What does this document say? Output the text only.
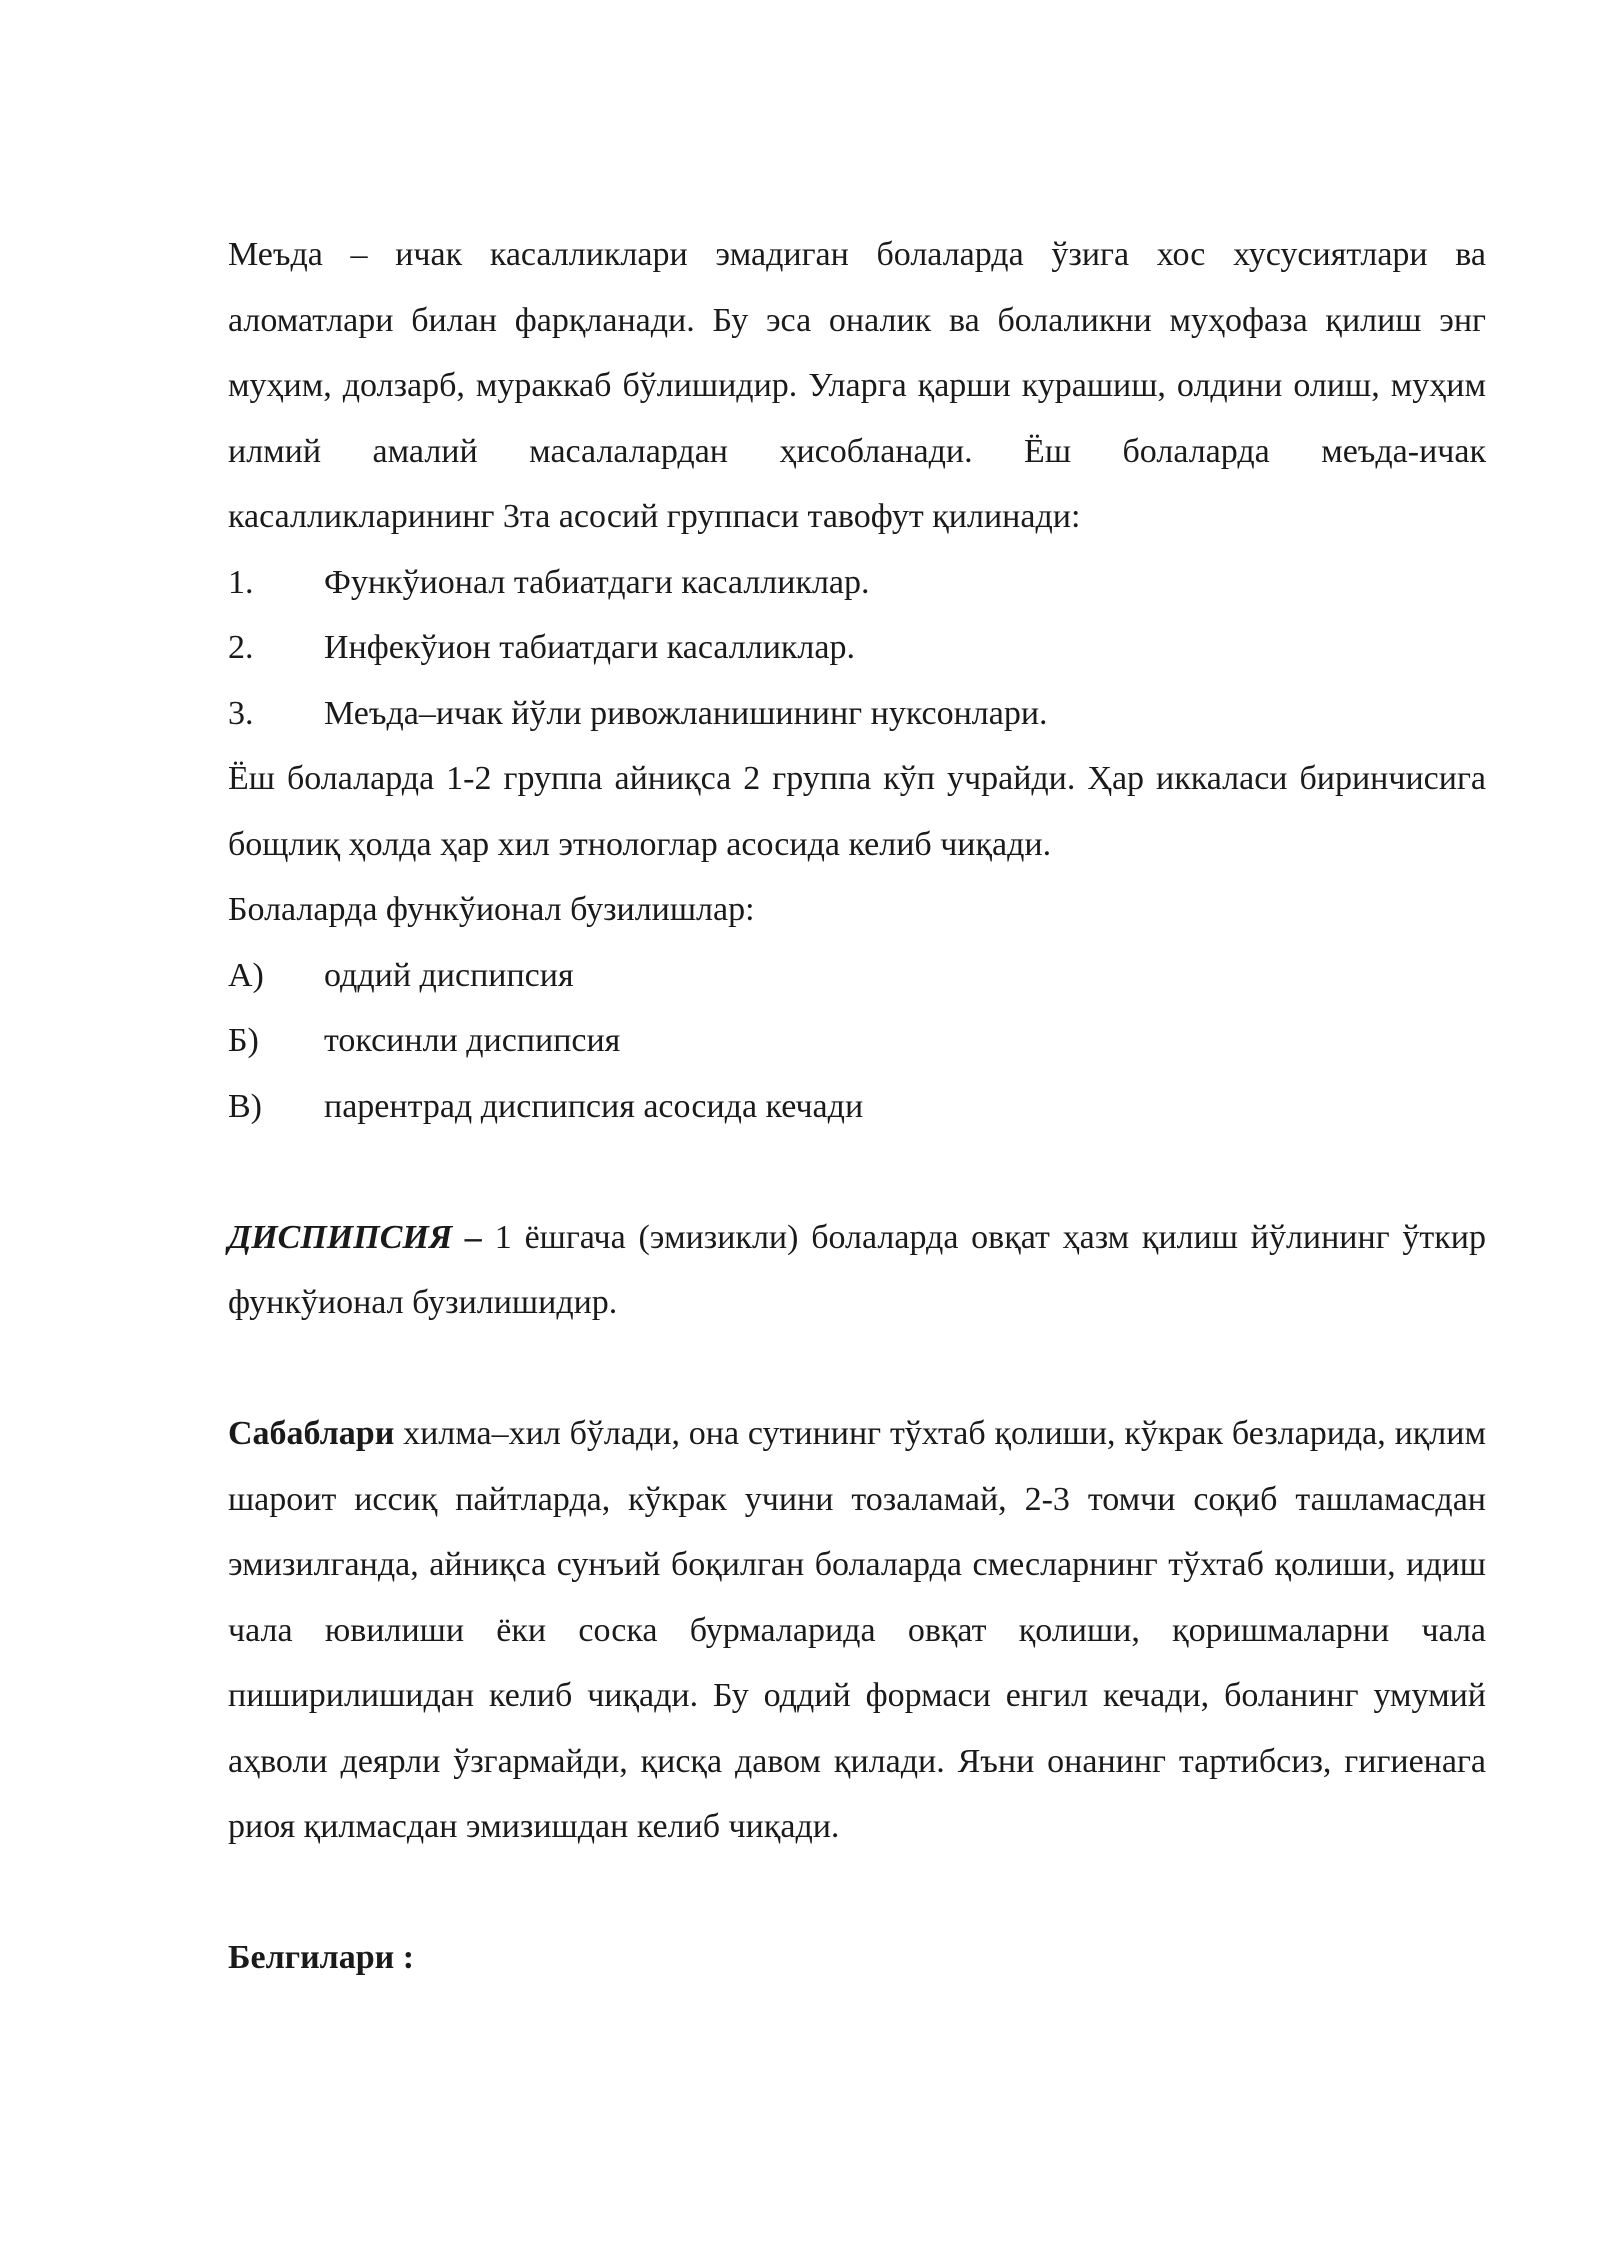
Меъда – ичак касалликлари эмадиган болаларда ўзига хос хусусиятлари ва аломатлари билан фарқланади. Бу эса оналик ва болаликни муҳофаза қилиш энг муҳим, долзарб, мураккаб бўлишидир. Уларга қарши курашиш, олдини олиш, муҳим илмий амалий масалалардан ҳисобланади. Ёш болаларда меъда-ичак касалликларининг 3та асосий группаси тавофут қилинади:

1.	Функўионал табиатдаги касалликлар.
2.	Инфекўион табиатдаги касалликлар.
3.	Меъда–ичак йўли ривожланишининг нуксонлари.

Ёш болаларда 1-2 группа айниқса 2 группа кўп учрайди. Ҳар иккаласи биринчисига бощлиқ ҳолда ҳар хил этнологлар асосида келиб чиқади.

Болаларда функўионал бузилишлар:

А)	оддий диспипсия
Б)	токсинли диспипсия
В)	парентрад диспипсия асосида кечади

ДИСПИПСИЯ – 1 ёшгача (эмизикли) болаларда овқат ҳазм қилиш йўлининг ўткир функўионал бузилишидир.

Сабаблари хилма–хил бўлади, она сутининг тўхтаб қолиши, кўкрак безларида, иқлим шароит иссиқ пайтларда, кўкрак учини тозаламай, 2-3 томчи соқиб ташламасдан эмизилганда, айниқса сунъий боқилган болаларда смесларнинг тўхтаб қолиши, идиш чала ювилиши ёки соска бурмаларида овқат қолиши, қоришмаларни чала пиширилишидан келиб чиқади. Бу оддий формаси енгил кечади, боланинг умумий аҳволи деярли ўзгармайди, қисқа давом қилади. Яъни онанинг тартибсиз, гигиенага риоя қилмасдан эмизишдан келиб чиқади.

Белгилари :
